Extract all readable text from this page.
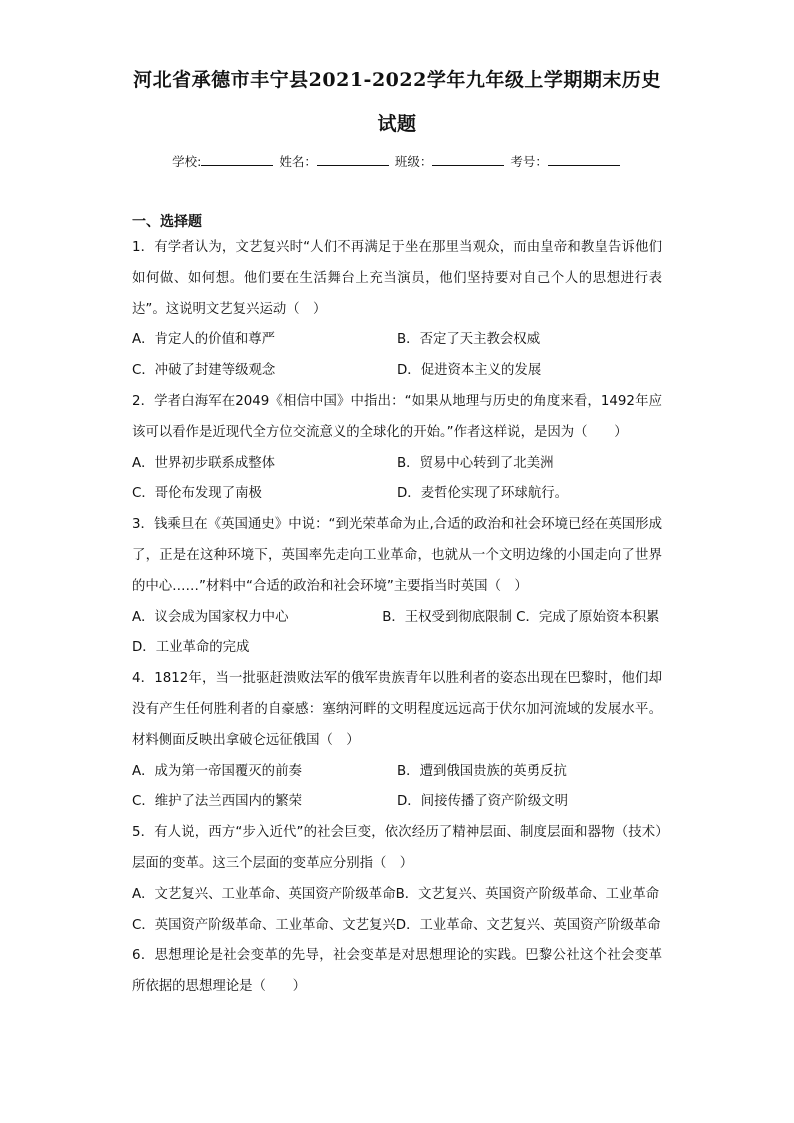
河北省承德市丰宁县2021-2022学年九年级上学期期末历史
试题
学校:	姓名：	班级：	考号：
一、选择题
1．有学者认为，文艺复兴时“人们不再满足于坐在那里当观众，而由皇帝和教皇告诉他们如何做、如何想。他们要在生活舞台上充当演员，他们坚持要对自己个人的思想进行表达”。这说明文艺复兴运动（　）
A．肯定人的价值和尊严	B．否定了天主教会权威
C．冲破了封建等级观念	D．促进资本主义的发展
2．学者白海军在2049《相信中国》中指出：“如果从地理与历史的角度来看，1492年应该可以看作是近现代全方位交流意义的全球化的开始。”作者这样说，是因为（　　）
A．世界初步联系成整体	B．贸易中心转到了北美洲
C．哥伦布发现了南极	D．麦哲伦实现了环球航行。
3．钱乘旦在《英国通史》中说：“到光荣革命为止,合适的政治和社会环境已经在英国形成了，正是在这种环境下，英国率先走向工业革命，也就从一个文明边缘的小国走向了世界的中心……”材料中“合适的政治和社会环境”主要指当时英国（　）
A．议会成为国家权力中心　　　　　　　B．王权受到彻底限制 C．完成了原始资本积累　　　　　　D．工业革命的完成
4．1812年，当一批驱赶溃败法军的俄军贵族青年以胜利者的姿态出现在巴黎时，他们却没有产生任何胜利者的自豪感：塞纳河畔的文明程度远远高于伏尔加河流域的发展水平。材料侧面反映出拿破仑远征俄国（　）
A．成为第一帝国覆灭的前奏	B．遭到俄国贵族的英勇反抗
C．维护了法兰西国内的繁荣	D．间接传播了资产阶级文明
5．有人说，西方“步入近代”的社会巨变，依次经历了精神层面、制度层面和器物（技术）层面的变革。这三个层面的变革应分别指（　）
A．文艺复兴、工业革命、英国资产阶级革命B．文艺复兴、英国资产阶级革命、工业革命
C．英国资产阶级革命、工业革命、文艺复兴D．工业革命、文艺复兴、英国资产阶级革命
6．思想理论是社会变革的先导，社会变革是对思想理论的实践。巴黎公社这个社会变革所依据的思想理论是（　　）
